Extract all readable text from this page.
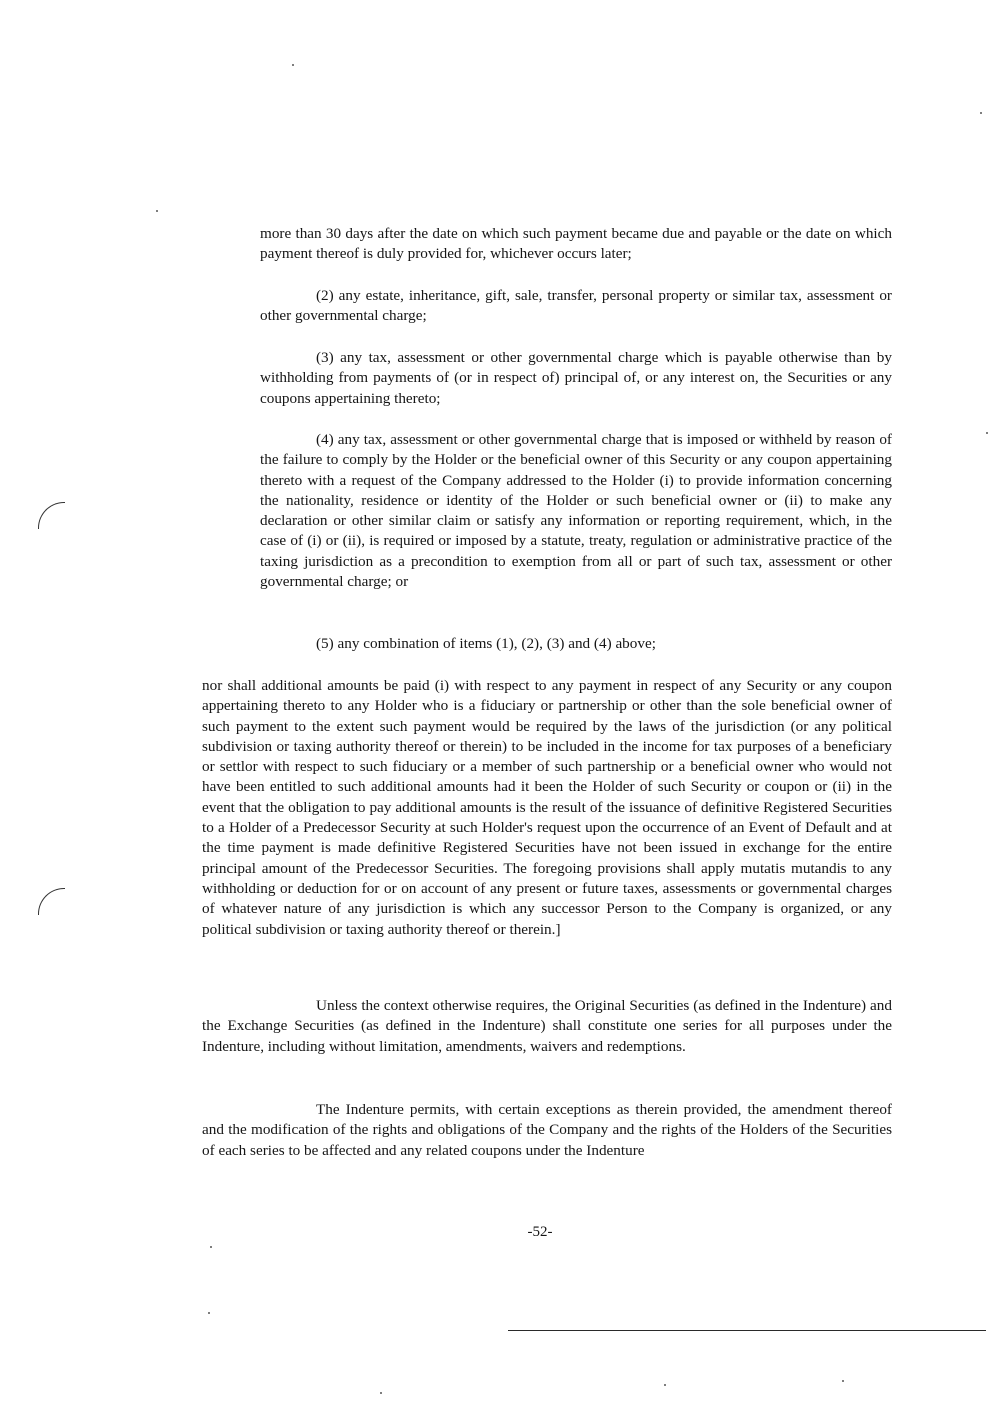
more than 30 days after the date on which such payment became due and payable or the date on which payment thereof is duly provided for, whichever occurs later;

(2) any estate, inheritance, gift, sale, transfer, personal property or similar tax, assessment or other governmental charge;

(3) any tax, assessment or other governmental charge which is payable otherwise than by withholding from payments of (or in respect of) principal of, or any interest on, the Securities or any coupons appertaining thereto;

(4) any tax, assessment or other governmental charge that is imposed or withheld by reason of the failure to comply by the Holder or the beneficial owner of this Security or any coupon appertaining thereto with a request of the Company addressed to the Holder (i) to provide information concerning the nationality, residence or identity of the Holder or such beneficial owner or (ii) to make any declaration or other similar claim or satisfy any information or reporting requirement, which, in the case of (i) or (ii), is required or imposed by a statute, treaty, regulation or administrative practice of the taxing jurisdiction as a precondition to exemption from all or part of such tax, assessment or other governmental charge; or

(5) any combination of items (1), (2), (3) and (4) above;

nor shall additional amounts be paid (i) with respect to any payment in respect of any Security or any coupon appertaining thereto to any Holder who is a fiduciary or partnership or other than the sole beneficial owner of such payment to the extent such payment would be required by the laws of the jurisdiction (or any political subdivision or taxing authority thereof or therein) to be included in the income for tax purposes of a beneficiary or settlor with respect to such fiduciary or a member of such partnership or a beneficial owner who would not have been entitled to such additional amounts had it been the Holder of such Security or coupon or (ii) in the event that the obligation to pay additional amounts is the result of the issuance of definitive Registered Securities to a Holder of a Predecessor Security at such Holder's request upon the occurrence of an Event of Default and at the time payment is made definitive Registered Securities have not been issued in exchange for the entire principal amount of the Predecessor Securities. The foregoing provisions shall apply mutatis mutandis to any withholding or deduction for or on account of any present or future taxes, assessments or governmental charges of whatever nature of any jurisdiction is which any successor Person to the Company is organized, or any political subdivision or taxing authority thereof or therein.]

Unless the context otherwise requires, the Original Securities (as defined in the Indenture) and the Exchange Securities (as defined in the Indenture) shall constitute one series for all purposes under the Indenture, including without limitation, amendments, waivers and redemptions.

The Indenture permits, with certain exceptions as therein provided, the amendment thereof and the modification of the rights and obligations of the Company and the rights of the Holders of the Securities of each series to be affected and any related coupons under the Indenture

-52-
